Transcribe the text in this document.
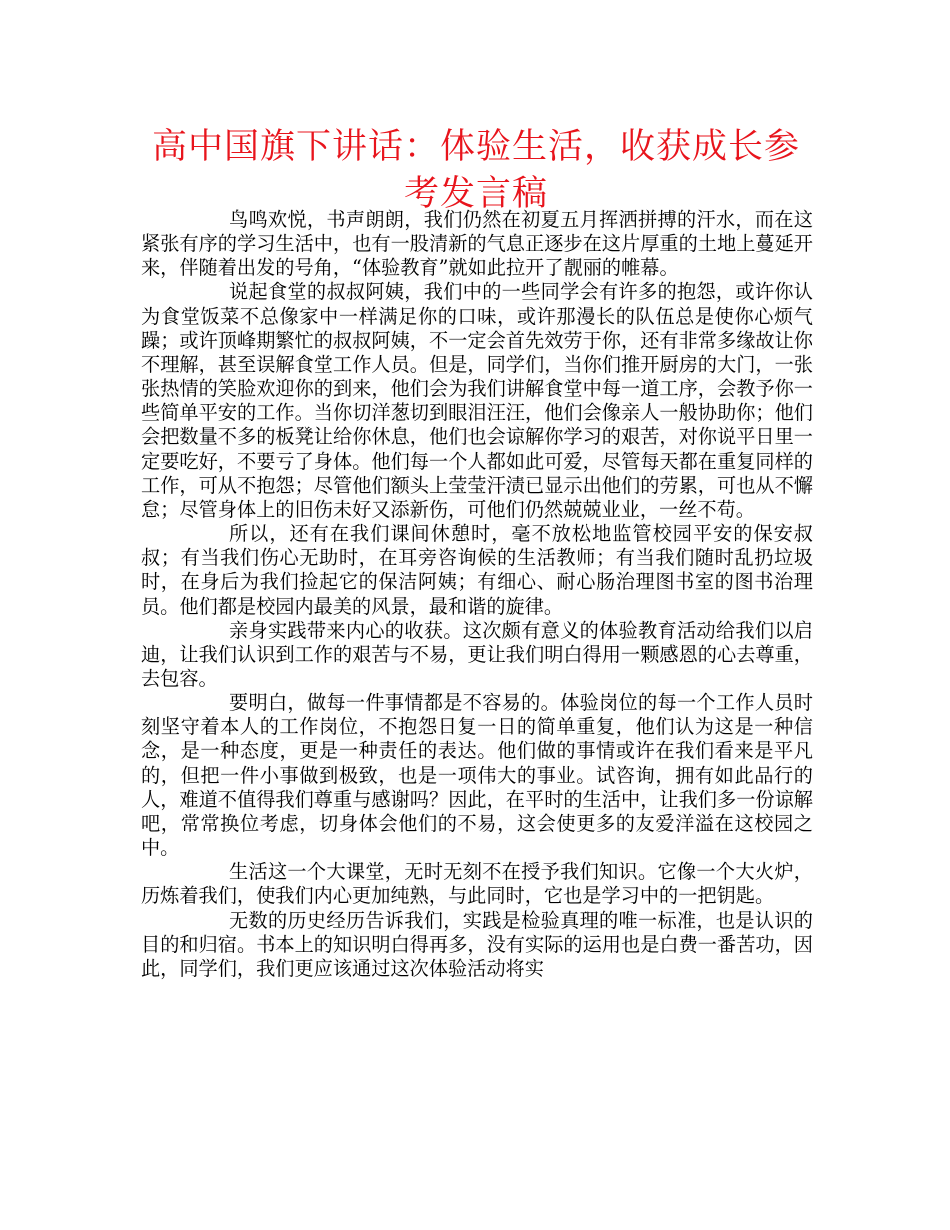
高中国旗下讲话：体验生活，收获成长参考发言稿

鸟鸣欢悦，书声朗朗，我们仍然在初夏五月挥洒拼搏的汗水，而在这紧张有序的学习生活中，也有一股清新的气息正逐步在这片厚重的土地上蔓延开来，伴随着出发的号角，“体验教育”就如此拉开了靓丽的帷幕。

说起食堂的叔叔阿姨，我们中的一些同学会有许多的抱怨，或许你认为食堂饭菜不总像家中一样满足你的口味，或许那漫长的队伍总是使你心烦气躁；或许顶峰期繁忙的叔叔阿姨，不一定会首先效劳于你，还有非常多缘故让你不理解，甚至误解食堂工作人员。但是，同学们，当你们推开厨房的大门，一张张热情的笑脸欢迎你的到来，他们会为我们讲解食堂中每一道工序，会教予你一些简单平安的工作。当你切洋葱切到眼泪汪汪，他们会像亲人一般协助你；他们会把数量不多的板凳让给你休息，他们也会谅解你学习的艰苦，对你说平日里一定要吃好，不要亏了身体。他们每一个人都如此可爱，尽管每天都在重复同样的工作，可从不抱怨；尽管他们额头上莹莹汗渍已显示出他们的劳累，可也从不懈怠；尽管身体上的旧伤未好又添新伤，可他们仍然兢兢业业，一丝不苟。

所以，还有在我们课间休憩时，毫不放松地监管校园平安的保安叔叔；有当我们伤心无助时，在耳旁咨询候的生活教师；有当我们随时乱扔垃圾时，在身后为我们捡起它的保洁阿姨；有细心、耐心肠治理图书室的图书治理员。他们都是校园内最美的风景，最和谐的旋律。

亲身实践带来内心的收获。这次颇有意义的体验教育活动给我们以启迪，让我们认识到工作的艰苦与不易，更让我们明白得用一颗感恩的心去尊重，去包容。

要明白，做每一件事情都是不容易的。体验岗位的每一个工作人员时刻坚守着本人的工作岗位，不抱怨日复一日的简单重复，他们认为这是一种信念，是一种态度，更是一种责任的表达。他们做的事情或许在我们看来是平凡的，但把一件小事做到极致，也是一项伟大的事业。试咨询，拥有如此品行的人，难道不值得我们尊重与感谢吗？因此，在平时的生活中，让我们多一份谅解吧，常常换位考虑，切身体会他们的不易，这会使更多的友爱洋溢在这校园之中。

生活这一个大课堂，无时无刻不在授予我们知识。它像一个大火炉，历炼着我们，使我们内心更加纯熟，与此同时，它也是学习中的一把钥匙。

无数的历史经历告诉我们，实践是检验真理的唯一标准，也是认识的目的和归宿。书本上的知识明白得再多，没有实际的运用也是白费一番苦功，因此，同学们，我们更应该通过这次体验活动将实
